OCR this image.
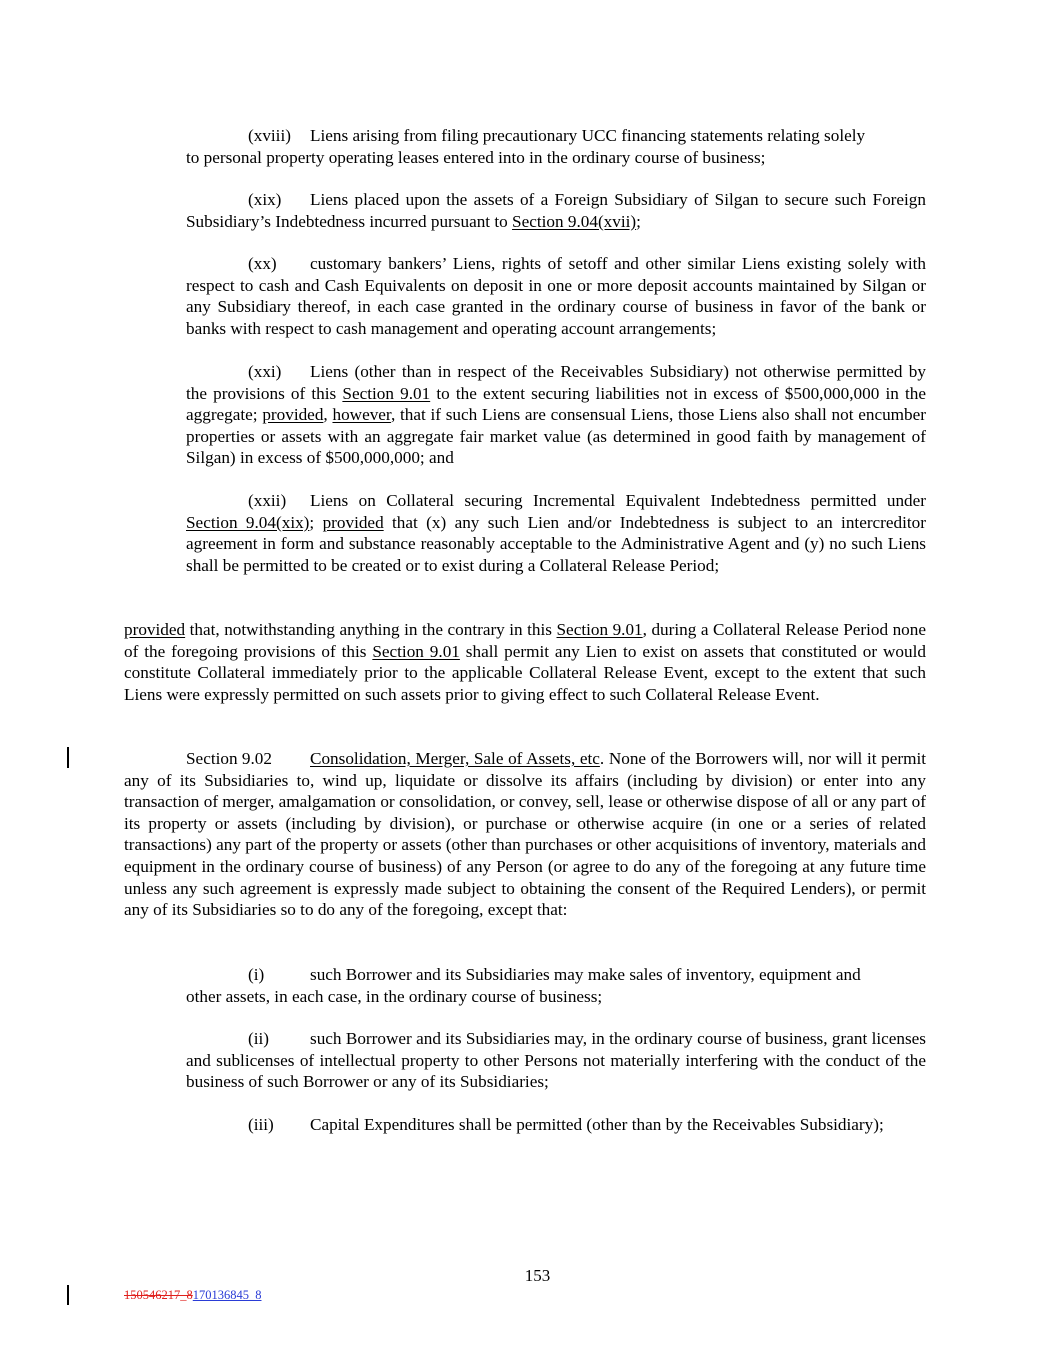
(xviii) Liens arising from filing precautionary UCC financing statements relating solely
to personal property operating leases entered into in the ordinary course of business;

(xix) Liens placed upon the assets of a Foreign Subsidiary of Silgan to secure such Foreign Subsidiary’s Indebtedness incurred pursuant to Section 9.04(xvii);

(xx) customary bankers’ Liens, rights of setoff and other similar Liens existing solely with respect to cash and Cash Equivalents on deposit in one or more deposit accounts maintained by Silgan or any Subsidiary thereof, in each case granted in the ordinary course of business in favor of the bank or banks with respect to cash management and operating account arrangements;

(xxi) Liens (other than in respect of the Receivables Subsidiary) not otherwise permitted by the provisions of this Section 9.01 to the extent securing liabilities not in excess of $500,000,000 in the aggregate; provided, however, that if such Liens are consensual Liens, those Liens also shall not encumber properties or assets with an aggregate fair market value (as determined in good faith by management of Silgan) in excess of $500,000,000; and

(xxii) Liens on Collateral securing Incremental Equivalent Indebtedness permitted under Section 9.04(xix); provided that (x) any such Lien and/or Indebtedness is subject to an intercreditor agreement in form and substance reasonably acceptable to the Administrative Agent and (y) no such Liens shall be permitted to be created or to exist during a Collateral Release Period;

provided that, notwithstanding anything in the contrary in this Section 9.01, during a Collateral Release Period none of the foregoing provisions of this Section 9.01 shall permit any Lien to exist on assets that constituted or would constitute Collateral immediately prior to the applicable Collateral Release Event, except to the extent that such Liens were expressly permitted on such assets prior to giving effect to such Collateral Release Event.

Section 9.02 Consolidation, Merger, Sale of Assets, etc. None of the Borrowers will, nor will it permit any of its Subsidiaries to, wind up, liquidate or dissolve its affairs (including by division) or enter into any transaction of merger, amalgamation or consolidation, or convey, sell, lease or otherwise dispose of all or any part of its property or assets (including by division), or purchase or otherwise acquire (in one or a series of related transactions) any part of the property or assets (other than purchases or other acquisitions of inventory, materials and equipment in the ordinary course of business) of any Person (or agree to do any of the foregoing at any future time unless any such agreement is expressly made subject to obtaining the consent of the Required Lenders), or permit any of its Subsidiaries so to do any of the foregoing, except that:

(i)	such Borrower and its Subsidiaries may make sales of inventory, equipment and
other assets, in each case, in the ordinary course of business;

(ii) such Borrower and its Subsidiaries may, in the ordinary course of business, grant licenses and sublicenses of intellectual property to other Persons not materially interfering with the conduct of the business of such Borrower or any of its Subsidiaries;

(iii) Capital Expenditures shall be permitted (other than by the Receivables Subsidiary);

153
150546217_8170136845_8
